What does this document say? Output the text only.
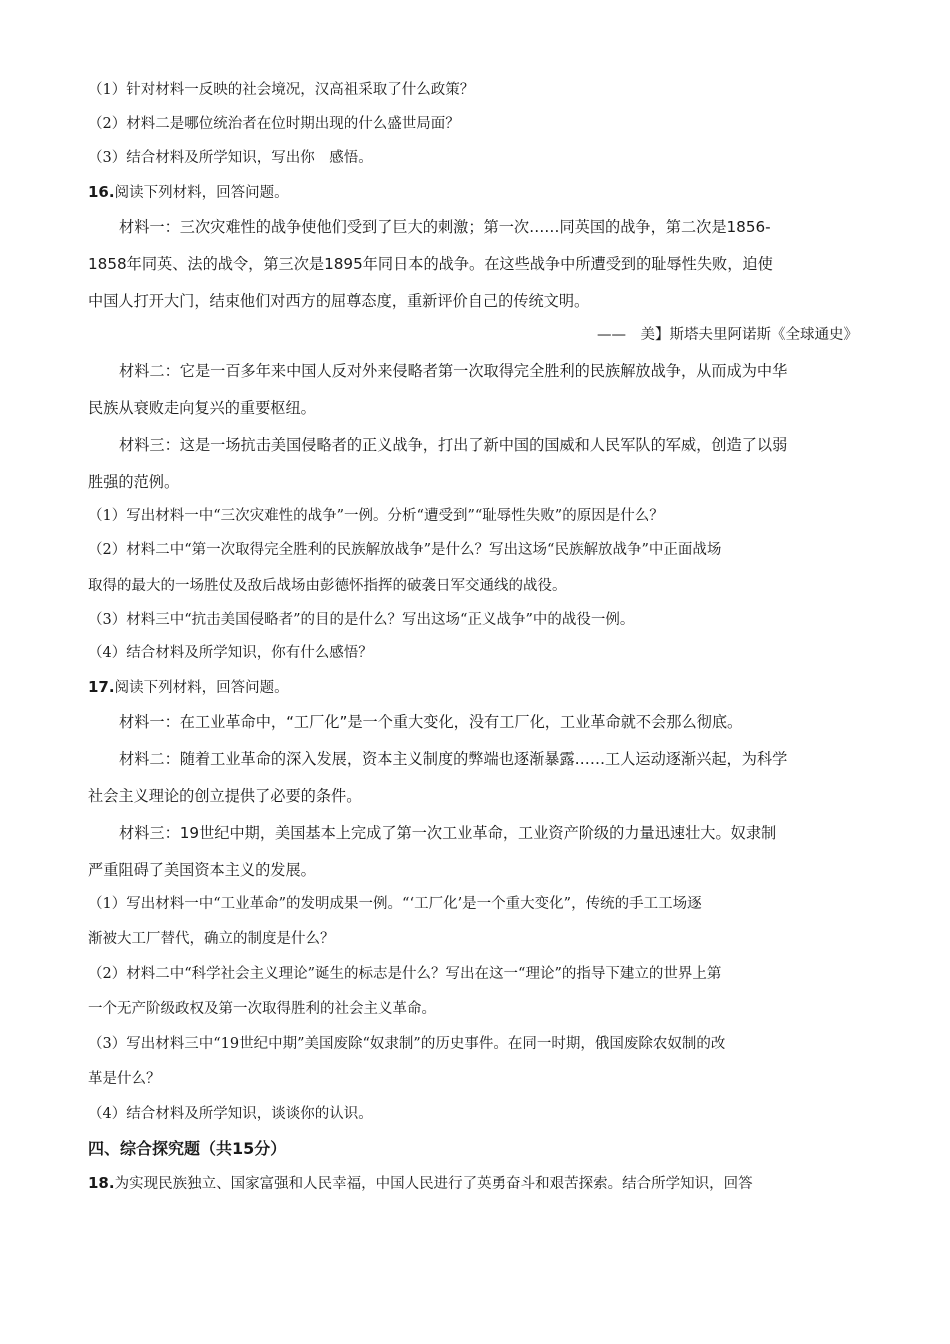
（1）针对材料一反映的社会境况，汉高祖采取了什么政策？
（2）材料二是哪位统治者在位时期出现的什么盛世局面？
（3）结合材料及所学知识，写出你　感悟。
16.阅读下列材料，回答问题。
材料一：三次灾难性的战争使他们受到了巨大的刺激；第一次……同英国的战争，第二次是1856-
1858年同英、法的战令，第三次是1895年同日本的战争。在这些战争中所遭受到的耻辱性失败，迫使
中国人打开大门，结束他们对西方的屈尊态度，重新评价自己的传统文明。
——　美】斯塔夫里阿诺斯《全球通史》
材料二：它是一百多年来中国人反对外来侵略者第一次取得完全胜利的民族解放战争，从而成为中华
民族从衰败走向复兴的重要枢纽。
材料三：这是一场抗击美国侵略者的正义战争，打出了新中国的国威和人民军队的军威，创造了以弱
胜强的范例。
（1）写出材料一中“三次灾难性的战争”一例。分析“遭受到”“耻辱性失败”的原因是什么？
（2）材料二中“第一次取得完全胜利的民族解放战争”是什么？写出这场“民族解放战争”中正面战场
取得的最大的一场胜仗及敌后战场由彭德怀指挥的破袭日军交通线的战役。
（3）材料三中“抗击美国侵略者”的目的是什么？写出这场“正义战争”中的战役一例。
（4）结合材料及所学知识，你有什么感悟？
17.阅读下列材料，回答问题。
材料一：在工业革命中，“工厂化”是一个重大变化，没有工厂化，工业革命就不会那么彻底。
材料二：随着工业革命的深入发展，资本主义制度的弊端也逐渐暴露……工人运动逐渐兴起，为科学
社会主义理论的创立提供了必要的条件。
材料三：19世纪中期，美国基本上完成了第一次工业革命，工业资产阶级的力量迅速壮大。奴隶制
严重阻碍了美国资本主义的发展。
（1）写出材料一中“工业革命”的发明成果一例。“‘工厂化’是一个重大变化”，传统的手工工场逐
渐被大工厂替代，确立的制度是什么？
（2）材料二中“科学社会主义理论”诞生的标志是什么？写出在这一“理论”的指导下建立的世界上第
一个无产阶级政权及第一次取得胜利的社会主义革命。
（3）写出材料三中“19世纪中期”美国废除“奴隶制”的历史事件。在同一时期，俄国废除农奴制的改
革是什么？
（4）结合材料及所学知识，谈谈你的认识。
四、综合探究题（共15分）
18.为实现民族独立、国家富强和人民幸福，中国人民进行了英勇奋斗和艰苦探索。结合所学知识，回答
